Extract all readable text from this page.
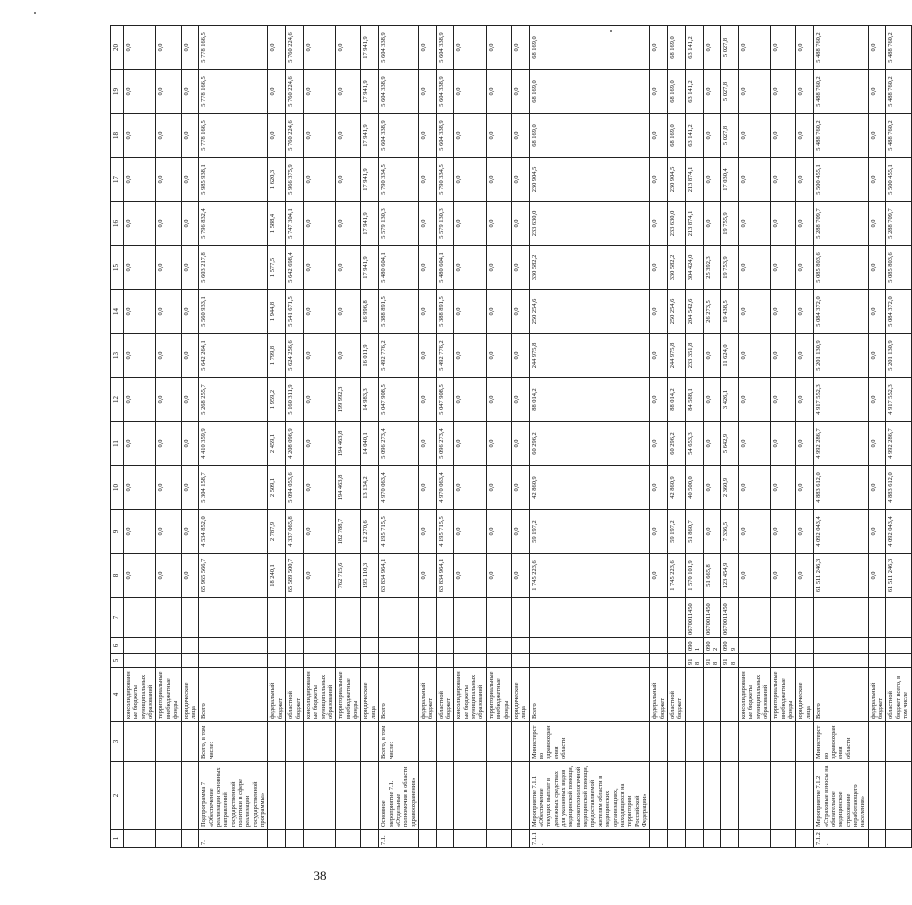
1	2	3	4	5	6	7	8	9	10	11	12	13	14	15	16	17	18	19	20
			консолидированные бюджеты муниципальных образований				0,0	0,0	0,0	0,0	0,0	0,0	0,0	0,0	0,0	0,0	0,0	0,0	0,0
			территориальные внебюджетные фонды				0,0	0,0	0,0	0,0	0,0	0,0	0,0	0,0	0,0	0,0	0,0	0,0	0,0
			юридические лица				0,0	0,0	0,0	0,0	0,0	0,0	0,0	0,0	0,0	0,0	0,0	0,0	0,0
7.	Подпрограмма 7 «Обеспечение реализации основных направлений государственной политики в сфере реализации государственной программы»	Всего, в том числе:	Всего				65 965 566,7	4 534 852,0	5 304 158,7	4 410 359,9	5 268 255,7	5 642 264,1	5 560 933,1	5 603 217,8	5 796 832,4	5 985 938,1	5 778 166,5	5 778 166,5	5 778 166,5
			федеральный бюджет				18 240,1	2 787,9	2 509,1	2 459,1	1 959,2	1 799,8	1 944,8	1 577,5	1 588,4	1 620,3	0,0	0,0	0,0
			областной бюджет				65 589 500,7	4 337 065,8	5 094 053,6	4 208 096,9	5 160 311,9	5 624 256,6	5 541 671,5	5 642 698,4	5 747 304,1	5 966 375,9	5 760 224,6	5 760 224,6	5 760 224,6
			консолидированные бюджеты муниципальных образований				0,0	0,0	0,0	0,0	0,0	0,0	0,0	0,0	0,0	0,0	0,0	0,0	0,0
			территориальные внебюджетные фонды				762 715,6	182 788,7	194 463,8	194 463,8	199 992,3	0,0	0,0	0,0	0,0	0,0	0,0	0,0	0,0
			юридические лица				195 110,3	12 270,6	13 134,2	14 040,1	14 983,3	16 011,9	16 996,8	17 941,9	17 941,9	17 941,9	17 941,9	17 941,9	17 941,9
7.1.	Основное мероприятие 7.1. «Отдельные полномочия в области здравоохранения»	Всего, в том числе:	Всего				63 834 964,1	4 195 715,5	4 970 063,4	5 096 273,4	5 047 908,5	5 492 776,2	5 388 891,5	5 480 604,1	5 579 130,3	5 790 334,5	5 604 338,9	5 604 338,9	5 604 338,9
			федеральный бюджет				0,0	0,0	0,0	0,0	0,0	0,0	0,0	0,0	0,0	0,0	0,0	0,0	0,0
			областной бюджет				63 834 964,1	4 195 715,5	4 970 063,4	5 096 273,4	5 047 908,5	5 492 776,2	5 388 891,5	5 480 604,1	5 579 130,3	5 790 334,5	5 604 338,9	5 604 338,9	5 604 338,9
			консолидированные бюджеты муниципальных образований				0,0	0,0	0,0	0,0	0,0	0,0	0,0	0,0	0,0	0,0	0,0	0,0	0,0
			территориальные внебюджетные фонды				0,0	0,0	0,0	0,0	0,0	0,0	0,0	0,0	0,0	0,0	0,0	0,0	0,0
			юридические лица				0,0	0,0	0,0	0,0	0,0	0,0	0,0	0,0	0,0	0,0	0,0	0,0	0,0
7.1.1.	Мероприятие 7.1.1 «Обеспечение текущих выплат в денежных средствах для указанных видов медицинской помощи, высокотехнологичной медицинской помощи, предоставляемой жителям области в медицинских организациях, находящихся на территории Российской Федерации»	Министерство здравоохранения области	Всего				1 745 223,6	59 197,2	42 860,9	60 296,2	88 014,2	244 975,8	250 254,6	330 582,2	233 630,0	230 904,5	68 169,0	68 169,0	68 169,0
			федеральный бюджет				0,0	0,0	0,0	0,0	0,0	0,0	0,0	0,0	0,0	0,0	0,0	0,0	0,0
			областной бюджет				1 745 223,6	59 197,2	42 860,9	60 296,2	88 014,2	244 975,8	250 254,6	330 582,2	233 630,0	230 904,5	68 169,0	68 169,0	68 169,0
				918	0901	0670011450	1 570 101,9	51 860,7	40 500,0	54 653,3	84 588,1	233 351,8	204 542,6	304 424,0	213 874,1	213 874,1	63 141,2	63 141,2	63 141,2
				918	0902	0670011450	51 665,8	0,0	0,0	0,0	0,0	0,0	26 273,5	25 392,3	0,0	0,0	0,0	0,0	0,0
				918	0909	0670011450	123 454,9	7 336,5	2 360,9	5 642,9	3 426,1	11 624,0	19 438,5	19 753,9	19 755,9	17 030,4	5 027,8	5 027,8	5 027,8
			консолидированные бюджеты муниципальных образований				0,0	0,0	0,0	0,0	0,0	0,0	0,0	0,0	0,0	0,0	0,0	0,0	0,0
			территориальные внебюджетные фонды				0,0	0,0	0,0	0,0	0,0	0,0	0,0	0,0	0,0	0,0	0,0	0,0	0,0
			юридические лица				0,0	0,0	0,0	0,0	0,0	0,0	0,0	0,0	0,0	0,0	0,0	0,0	0,0
7.1.2.	Мероприятие 7.1.2 «Страховые взносы на обязательное медицинское страхование неработающего населения»	Министерство здравоохранения области	Всего				61 511 246,3	4 092 043,4	4 883 612,0	4 992 286,7	4 917 552,3	5 201 130,9	5 084 372,0	5 085 803,6	5 288 709,7	5 500 455,1	5 488 760,2	5 488 760,2	5 488 760,2
			федеральный бюджет				0,0	0,0	0,0	0,0	0,0	0,0	0,0	0,0	0,0	0,0	0,0	0,0	0,0
			областной бюджет всего, в том числе				61 511 246,3	4 092 043,4	4 883 612,0	4 992 286,7	4 917 552,3	5 201 130,9	5 084 372,0	5 085 803,6	5 288 709,7	5 500 455,1	5 488 760,2	5 488 760,2	5 488 760,2
38
